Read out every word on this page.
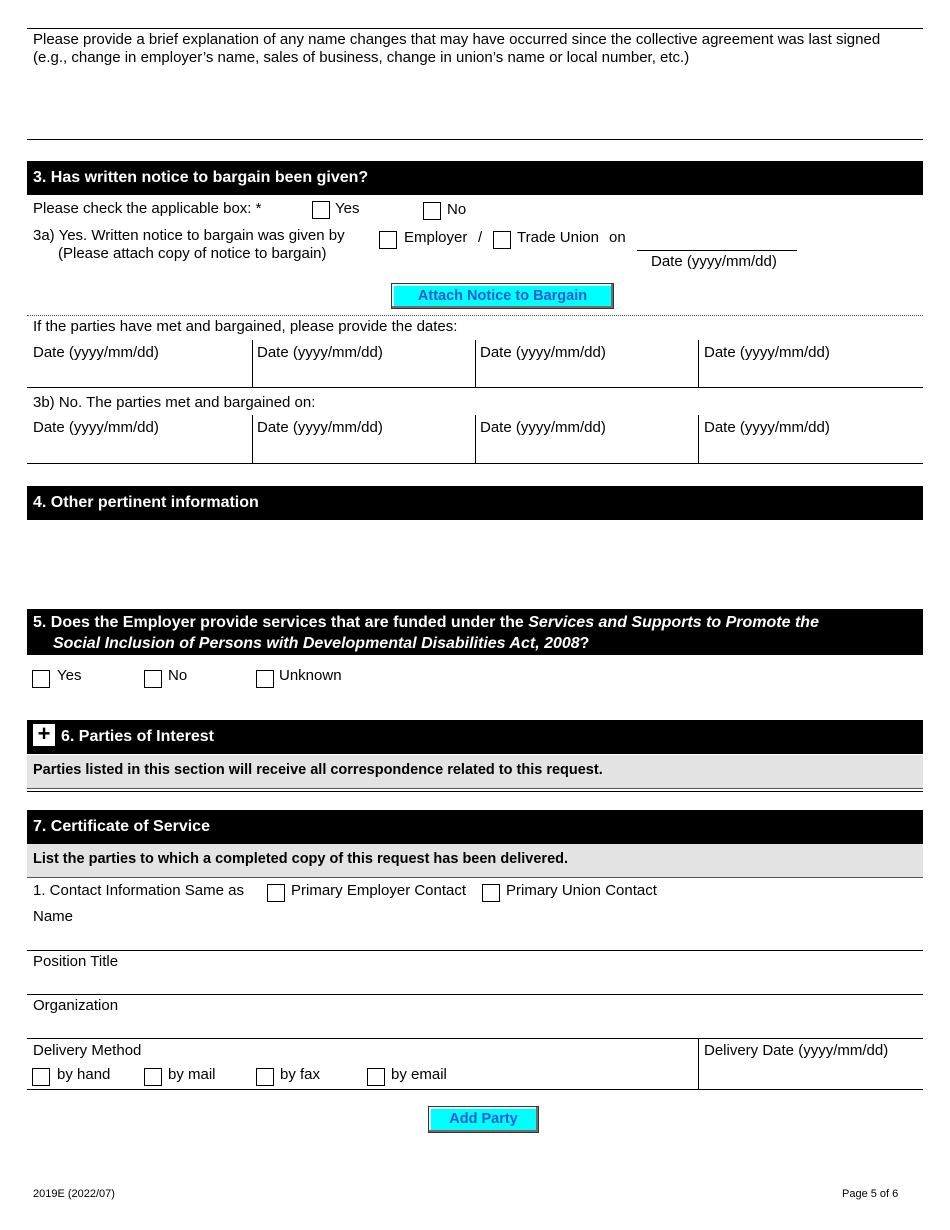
Please provide a brief explanation of any name changes that may have occurred since the collective agreement was last signed
(e.g., change in employer’s name, sales of business, change in union’s name or local number, etc.)
3. Has written notice to bargain been given?
Please check the applicable box: *	Yes	No
3a) Yes. Written notice to bargain was given by
(Please attach copy of notice to bargain)
Employer / Trade Union on
Date (yyyy/mm/dd)
Attach Notice to Bargain
If the parties have met and bargained, please provide the dates:
Date (yyyy/mm/dd)	Date (yyyy/mm/dd)	Date (yyyy/mm/dd)	Date (yyyy/mm/dd)
3b) No. The parties met and bargained on:
Date (yyyy/mm/dd)	Date (yyyy/mm/dd)	Date (yyyy/mm/dd)	Date (yyyy/mm/dd)
4. Other pertinent information
5. Does the Employer provide services that are funded under the Services and Supports to Promote the
Social Inclusion of Persons with Developmental Disabilities Act, 2008?
Yes	No	Unknown
6. Parties of Interest
+
Parties listed in this section will receive all correspondence related to this request.
7. Certificate of Service
List the parties to which a completed copy of this request has been delivered.
1. Contact Information Same as	Primary Employer Contact	Primary Union Contact
Name
Position Title
Organization
Delivery Method	Delivery Date (yyyy/mm/dd)
by hand	by mail	by fax	by email
Add Party
2019E (2022/07)	Page 5 of 6
